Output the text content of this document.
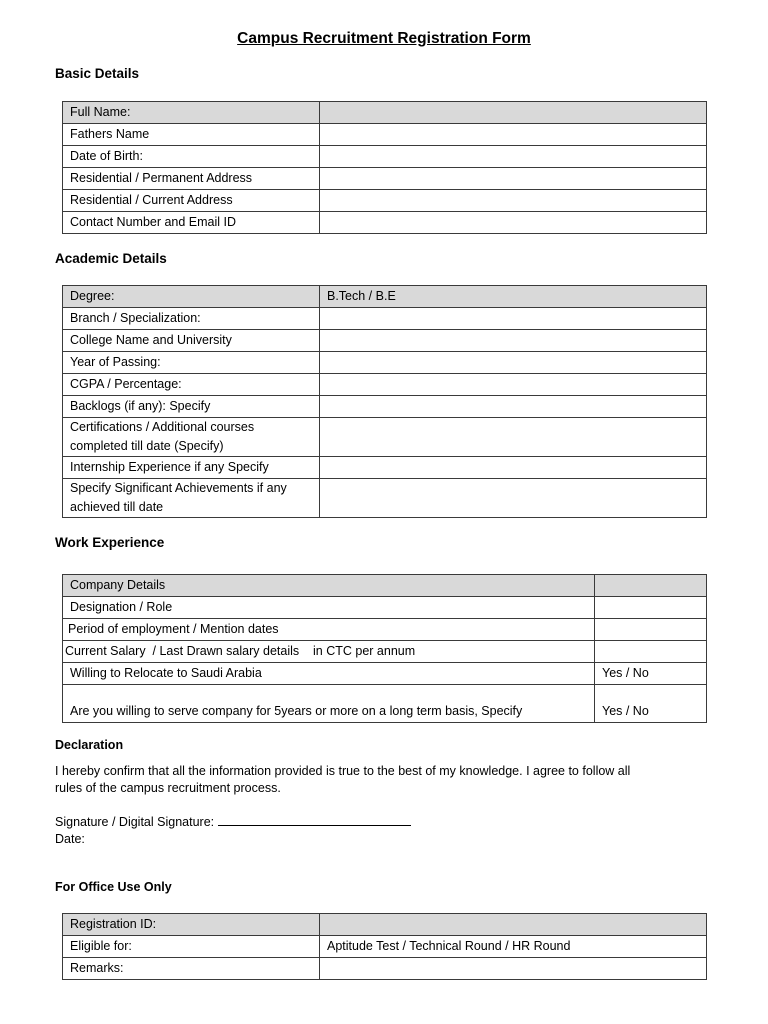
Campus Recruitment Registration Form
Basic Details
Full Name:	
Fathers Name	
Date of Birth:	
Residential / Permanent Address	
Residential / Current Address	
Contact Number and Email ID	
Academic Details
Degree:	B.Tech / B.E
Branch / Specialization:	
College Name and University	
Year of Passing:	
CGPA / Percentage:	
Backlogs (if any): Specify	
Certifications / Additional courses completed till date (Specify)	
Internship Experience if any Specify	
Specify Significant Achievements if any achieved till date	
Work Experience
Company Details	
Designation / Role	
Period of employment / Mention dates	
Current Salary  / Last Drawn salary details    in CTC per annum	
Willing to Relocate to Saudi Arabia	Yes / No
Are you willing to serve company for 5years or more on a long term basis, Specify	Yes / No
Declaration
I hereby confirm that all the information provided is true to the best of my knowledge. I agree to follow all
rules of the campus recruitment process.
Signature / Digital Signature:
Date:
For Office Use Only
Registration ID:	
Eligible for:	Aptitude Test / Technical Round / HR Round
Remarks:	
